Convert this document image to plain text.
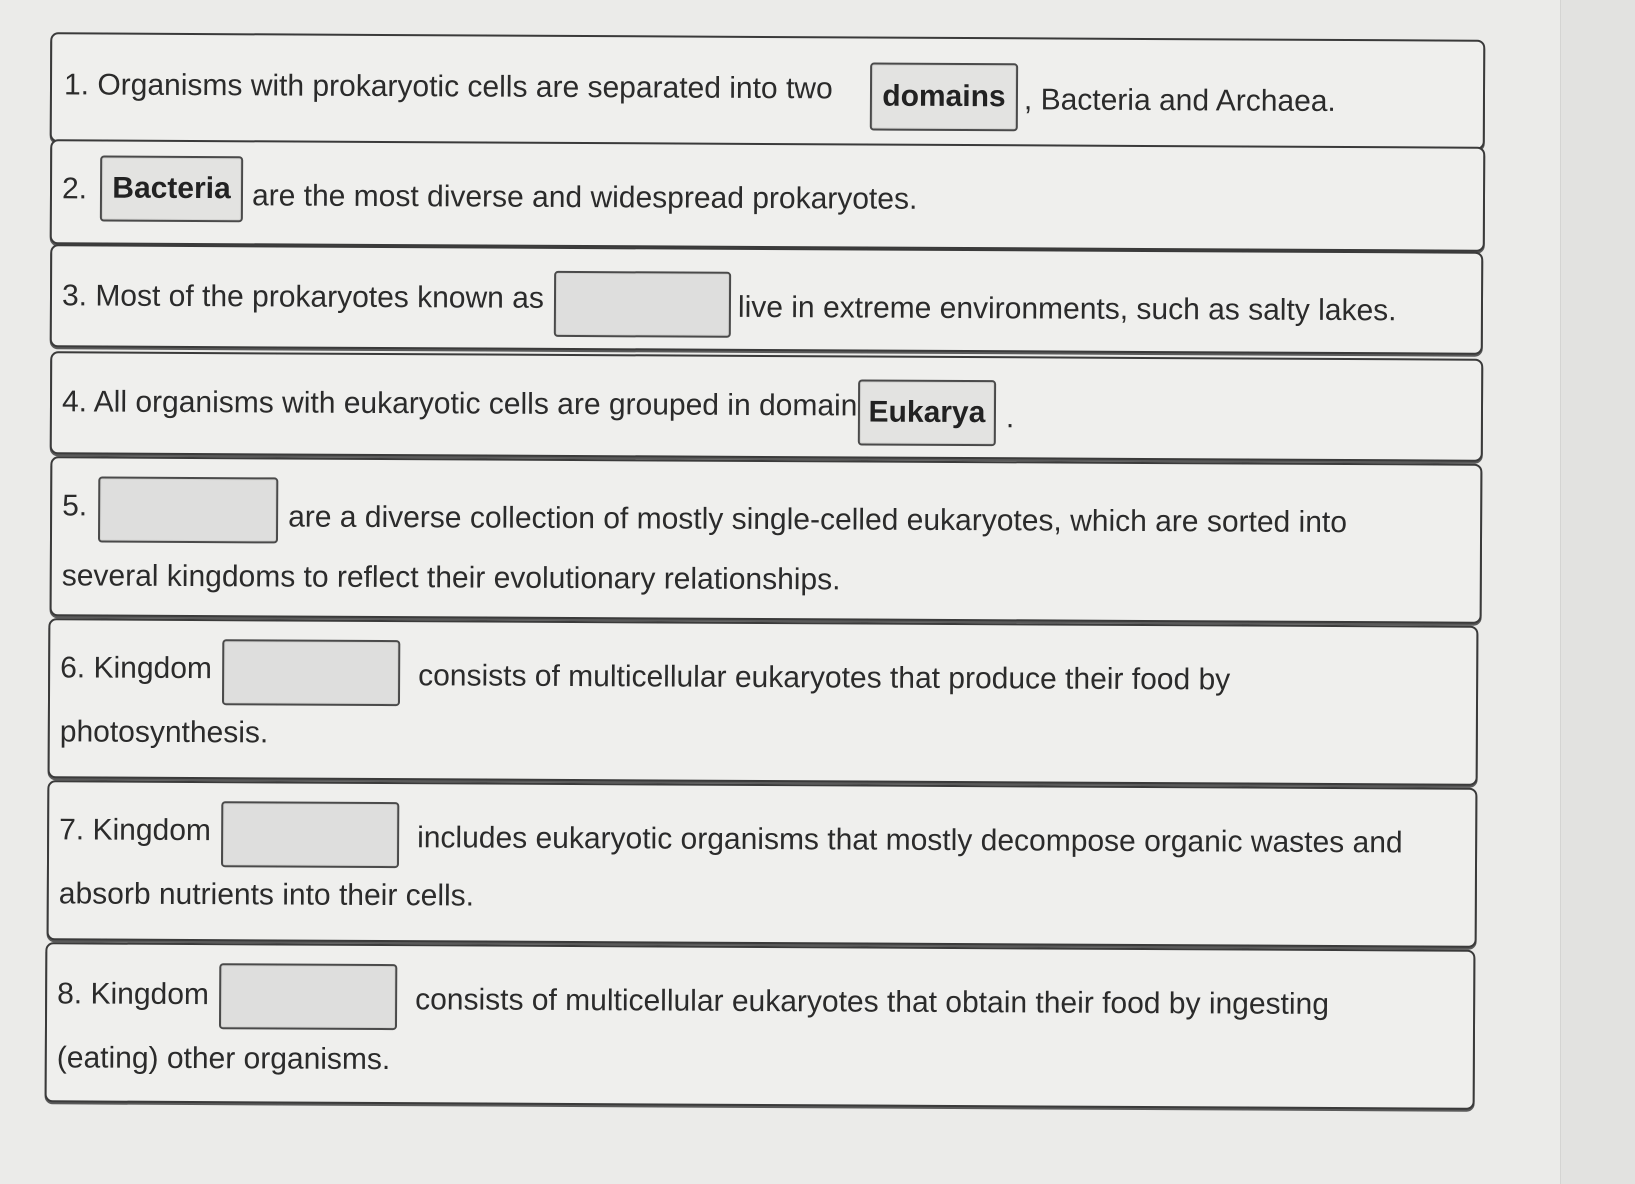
1. Organisms with prokaryotic cells are separated into two	domains , Bacteria and Archaea.
2. Bacteria are the most diverse and widespread prokaryotes.
3. Most of the prokaryotes known as	live in extreme environments, such as salty lakes.
4. All organisms with eukaryotic cells are grouped in domain Eukarya .
5.	are a diverse collection of mostly single-celled eukaryotes, which are sorted into
several kingdoms to reflect their evolutionary relationships.
6. Kingdom	consists of multicellular eukaryotes that produce their food by
photosynthesis.
7. Kingdom	includes eukaryotic organisms that mostly decompose organic wastes and
absorb nutrients into their cells.
8. Kingdom	consists of multicellular eukaryotes that obtain their food by ingesting
(eating) other organisms.
